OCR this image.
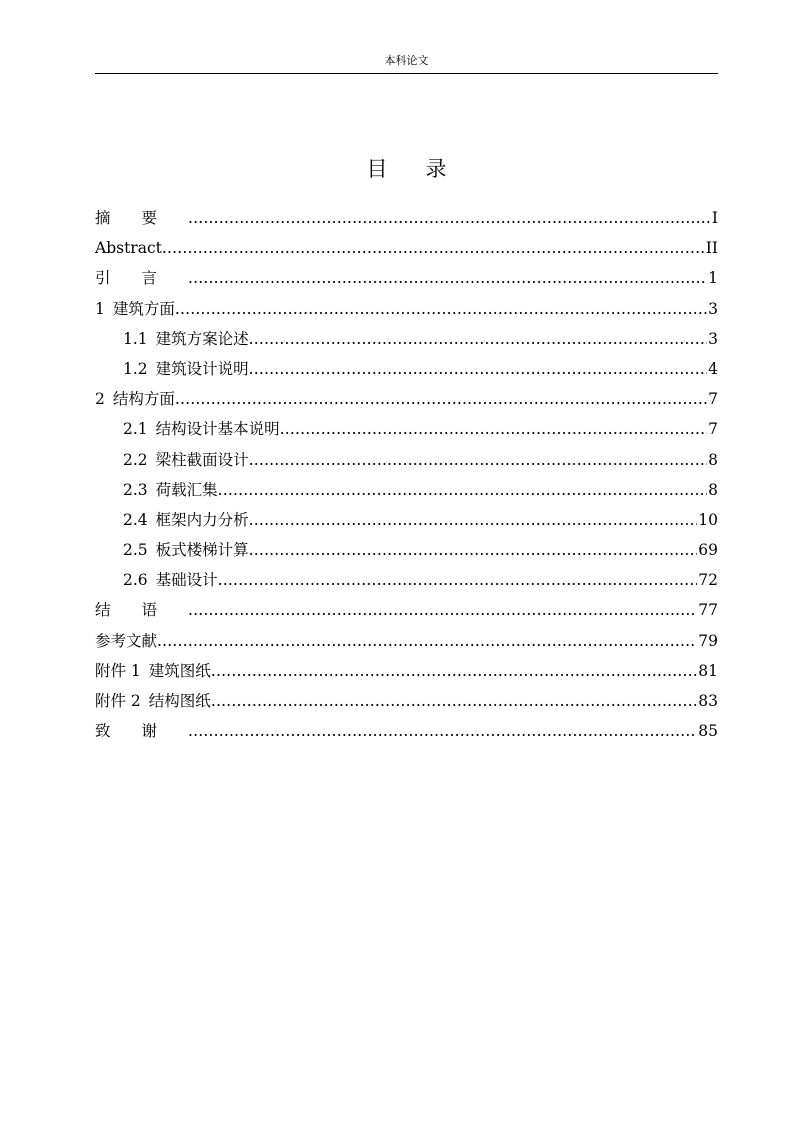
本科论文
目录
摘要 .....	I
Abstract .....	II
引言 .....	1
1 建筑方面 .....	3
1.1 建筑方案论述 .....	3
1.2 建筑设计说明 .....	4
2 结构方面 .....	7
2.1 结构设计基本说明 .....	7
2.2 梁柱截面设计 .....	8
2.3 荷载汇集 .....	8
2.4 框架内力分析 .....	10
2.5 板式楼梯计算 .....	69
2.6 基础设计 .....	72
结语 .....	77
参考文献 .....	79
附件 1 建筑图纸 .....	81
附件 2 结构图纸 .....	83
致谢 .....	85
